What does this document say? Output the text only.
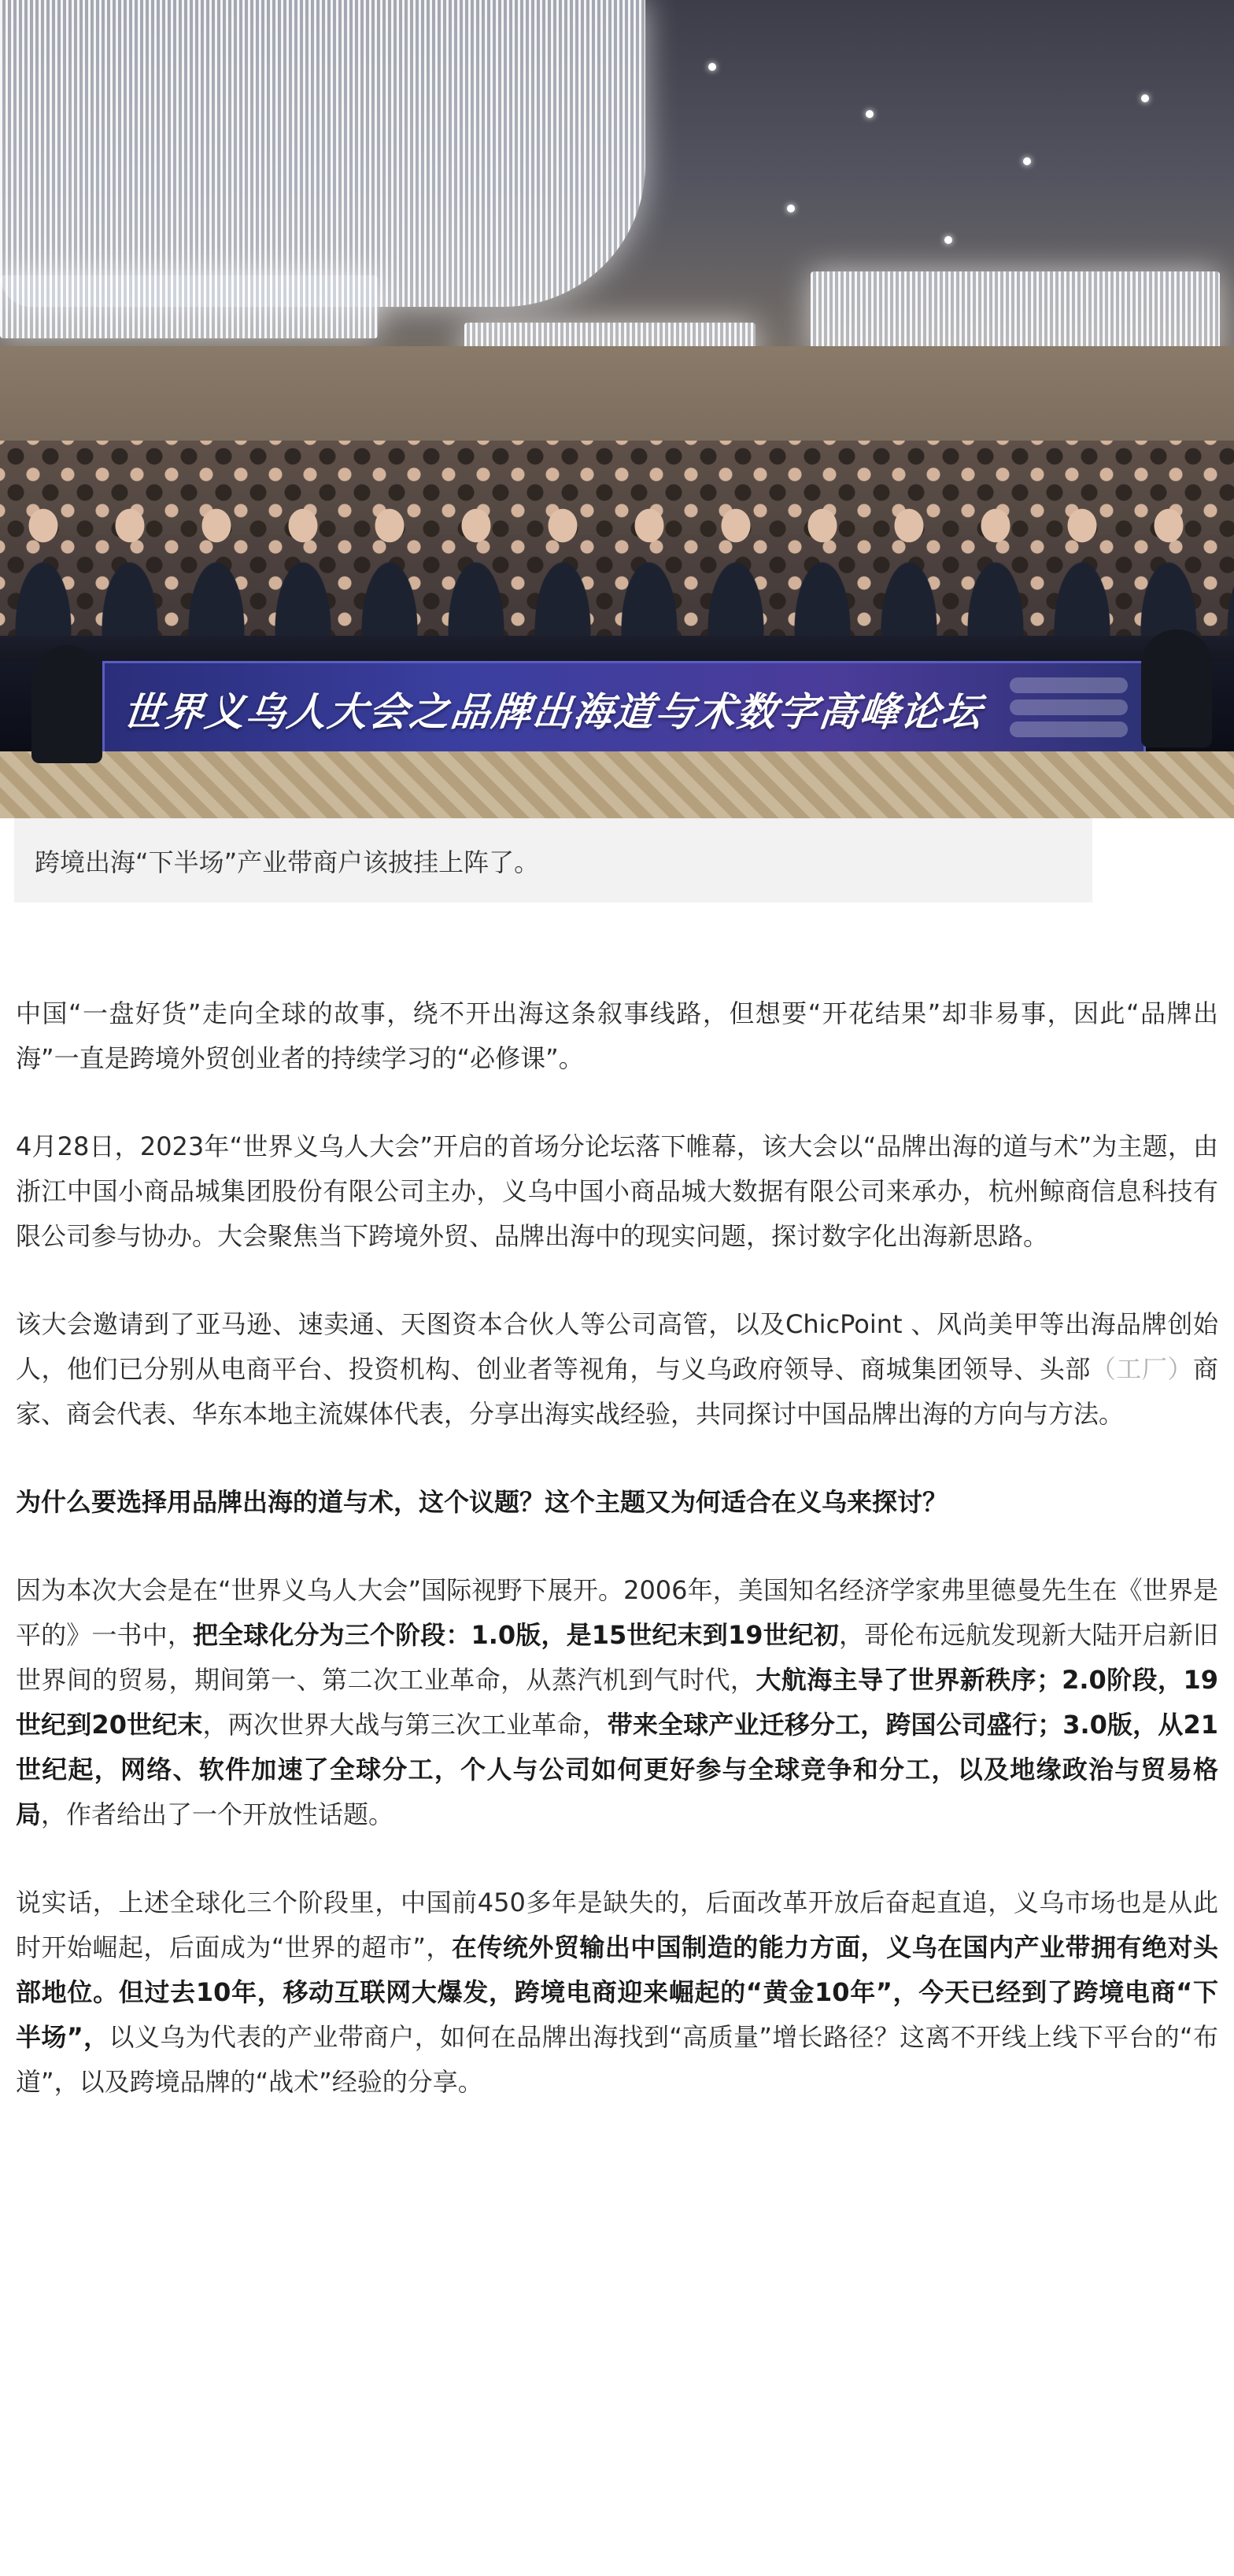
世界义乌人大会之品牌出海道与术数字高峰论坛
跨境出海“下半场”产业带商户该披挂上阵了。

中国“一盘好货”走向全球的故事，绕不开出海这条叙事线路，但想要“开花结果”却非易事，因此“品牌出海”一直是跨境外贸创业者的持续学习的“必修课”。

4月28日，2023年“世界义乌人大会”开启的首场分论坛落下帷幕，该大会以“品牌出海的道与术”为主题，由浙江中国小商品城集团股份有限公司主办，义乌中国小商品城大数据有限公司来承办，杭州鲸商信息科技有限公司参与协办。大会聚焦当下跨境外贸、品牌出海中的现实问题，探讨数字化出海新思路。

该大会邀请到了亚马逊、速卖通、天图资本合伙人等公司高管，以及ChicPoint 、风尚美甲等出海品牌创始人，他们已分别从电商平台、投资机构、创业者等视角，与义乌政府领导、商城集团领导、头部（工厂）商家、商会代表、华东本地主流媒体代表，分享出海实战经验，共同探讨中国品牌出海的方向与方法。

为什么要选择用品牌出海的道与术，这个议题？这个主题又为何适合在义乌来探讨？

因为本次大会是在“世界义乌人大会”国际视野下展开。2006年，美国知名经济学家弗里德曼先生在《世界是平的》一书中，把全球化分为三个阶段：1.0版，是15世纪末到19世纪初，哥伦布远航发现新大陆开启新旧世界间的贸易，期间第一、第二次工业革命，从蒸汽机到气时代，大航海主导了世界新秩序；2.0阶段，19世纪到20世纪末，两次世界大战与第三次工业革命，带来全球产业迁移分工，跨国公司盛行；3.0版，从21世纪起，网络、软件加速了全球分工，个人与公司如何更好参与全球竞争和分工，以及地缘政治与贸易格局，作者给出了一个开放性话题。

说实话，上述全球化三个阶段里，中国前450多年是缺失的，后面改革开放后奋起直追，义乌市场也是从此时开始崛起，后面成为“世界的超市”，在传统外贸输出中国制造的能力方面，义乌在国内产业带拥有绝对头部地位。但过去10年，移动互联网大爆发，跨境电商迎来崛起的“黄金10年”，今天已经到了跨境电商“下半场”，以义乌为代表的产业带商户，如何在品牌出海找到“高质量”增长路径？这离不开线上线下平台的“布道”，以及跨境品牌的“战术”经验的分享。
